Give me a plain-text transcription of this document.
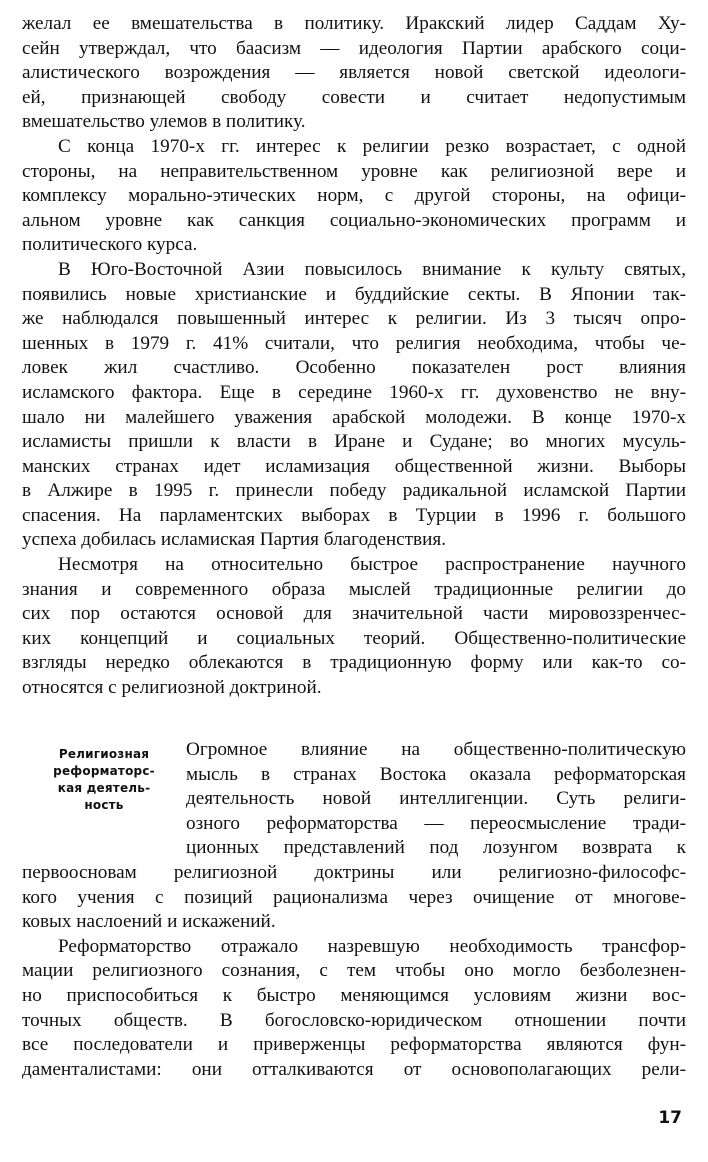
желал ее вмешательства в политику. Иракский лидер Саддам Ху-
сейн утверждал, что баасизм — идеология Партии арабского соци-
алистического возрождения — является новой светской идеологи-
ей, признающей свободу совести и считает недопустимым
вмешательство улемов в политику.
С конца 1970-х гг. интерес к религии резко возрастает, с одной
стороны, на неправительственном уровне как религиозной вере и
комплексу морально-этических норм, с другой стороны, на офици-
альном уровне как санкция социально-экономических программ и
политического курса.
В Юго-Восточной Азии повысилось внимание к культу святых,
появились новые христианские и буддийские секты. В Японии так-
же наблюдался повышенный интерес к религии. Из 3 тысяч опро-
шенных в 1979 г. 41% считали, что религия необходима, чтобы че-
ловек жил счастливо. Особенно показателен рост влияния
исламского фактора. Еще в середине 1960-х гг. духовенство не вну-
шало ни малейшего уважения арабской молодежи. В конце 1970-х
исламисты пришли к власти в Иране и Судане; во многих мусуль-
манских странах идет исламизация общественной жизни. Выборы
в Алжире в 1995 г. принесли победу радикальной исламской Партии
спасения. На парламентских выборах в Турции в 1996 г. большого
успеха добилась исламиская Партия благоденствия.
Несмотря на относительно быстрое распространение научного
знания и современного образа мыслей традиционные религии до
сих пор остаются основой для значительной части мировоззренчес-
ких концепций и социальных теорий. Общественно-политические
взгляды нередко облекаются в традиционную форму или как-то со-
относятся с религиозной доктриной.
Религиозная
реформаторс-
кая деятель-
ность
Огромное влияние на общественно-политическую
мысль в странах Востока оказала реформаторская
деятельность новой интеллигенции. Суть религи-
озного реформаторства — переосмысление тради-
ционных представлений под лозунгом возврата к
первоосновам религиозной доктрины или религиозно-философс-
кого учения с позиций рационализма через очищение от многове-
ковых наслоений и искажений.
Реформаторство отражало назревшую необходимость трансфор-
мации религиозного сознания, с тем чтобы оно могло безболезнен-
но приспособиться к быстро меняющимся условиям жизни вос-
точных обществ. В богословско-юридическом отношении почти
все последователи и приверженцы реформаторства являются фун-
даменталистами: они отталкиваются от основополагающих рели-
17
